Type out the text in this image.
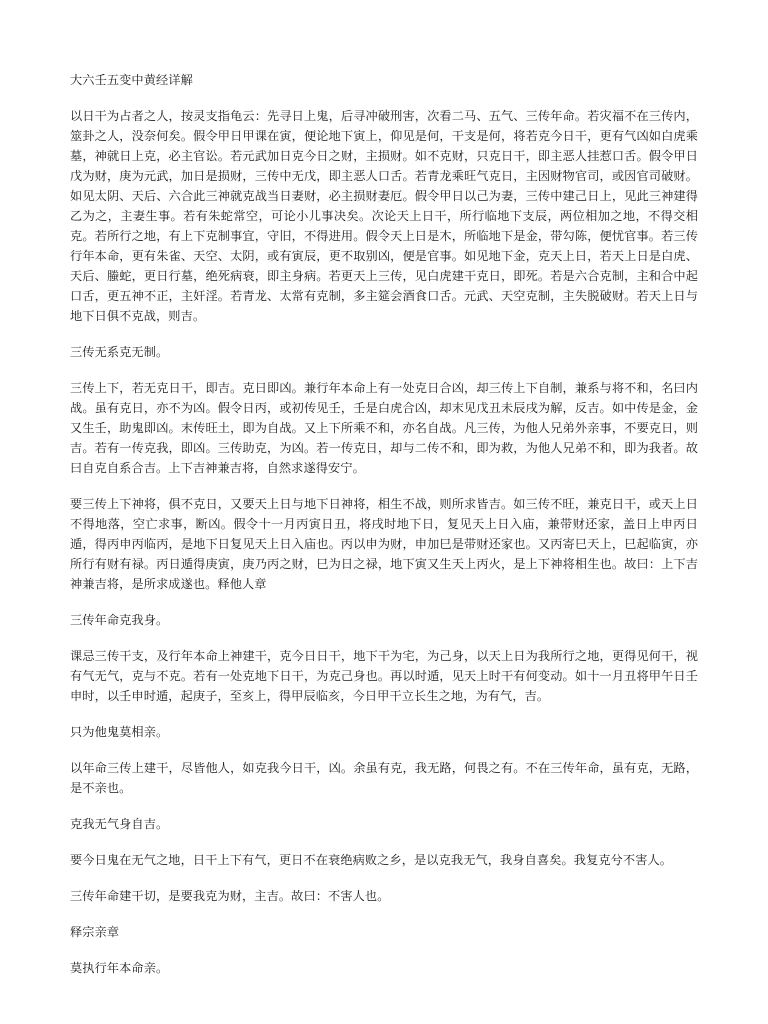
大六壬五变中黄经详解

以日干为占者之人，按灵支指龟云：先寻日上鬼，后寻冲破刑害，次看二马、五气、三传年命。若灾福不在三传内，筮卦之人，没奈何矣。假令甲日甲课在寅，便论地下寅上，仰见是何，干支是何，将若克今日干，更有气凶如白虎乘墓，神就日上克，必主官讼。若元武加日克今日之财，主损财。如不克财，只克日干，即主恶人挂惹口舌。假令甲日戊为财，庚为元武，加日是损财，三传中无戊，即主恶人口舌。若青龙乘旺气克日，主因财物官司，或因官司破财。如见太阴、天后、六合此三神就克战当日妻财，必主损财妻厄。假令甲日以己为妻，三传中建己日上，见此三神建得乙为之，主妻生事。若有朱蛇常空，可论小儿事决矣。次论天上日干，所行临地下支辰，两位相加之地，不得交相克。若所行之地，有上下克制事宜，守旧，不得进用。假令天上日是木，所临地下是金，带勾陈，便忧官事。若三传行年本命，更有朱雀、天空、太阴，或有寅辰，更不取别凶，便是官事。如见地下金，克天上日，若天上日是白虎、天后、螣蛇，更日行墓，绝死病衰，即主身病。若更天上三传，见白虎建干克日，即死。若是六合克制，主和合中起口舌，更五神不正，主奸淫。若青龙、太常有克制，多主筵会酒食口舌。元武、天空克制，主失脱破财。若天上日与地下日俱不克战，则吉。

三传无系克无制。

三传上下，若无克日干，即吉。克日即凶。兼行年本命上有一处克日合凶，却三传上下自制，兼系与将不和，名曰内战。虽有克日，亦不为凶。假令日丙，或初传见壬，壬是白虎合凶，却末见戊丑未辰戌为解，反吉。如中传是金，金又生壬，助鬼即凶。末传旺土，即为自战。又上下所乘不和，亦名自战。凡三传，为他人兄弟外亲事，不要克日，则吉。若有一传克我，即凶。三传助克，为凶。若一传克日，却与二传不和，即为救，为他人兄弟不和，即为我者。故曰自克自系合吉。上下吉神兼吉将，自然求遂得安宁。

要三传上下神将，俱不克日，又要天上日与地下日神将，相生不战，则所求皆吉。如三传不旺，兼克日干，或天上日不得地落，空亡求事，断凶。假令十一月丙寅日丑，将戌时地下日，复见天上日入庙，兼带财还家，盖日上申丙日遁，得丙申丙临丙，是地下日复见天上日入庙也。丙以申为财，申加巳是带财还家也。又丙寄巳天上，巳起临寅，亦所行有财有禄。丙日遁得庚寅，庚乃丙之财，巳为日之禄，地下寅又生天上丙火，是上下神将相生也。故曰：上下吉神兼吉将，是所求成遂也。释他人章

三传年命克我身。

课忌三传干支，及行年本命上神建干，克今日日干，地下干为宅，为己身，以天上日为我所行之地，更得见何干，视有气无气，克与不克。若有一处克地下日干，为克己身也。再以时遁，见天上时干有何变动。如十一月丑将甲午日壬申时，以壬申时遁，起庚子，至亥上，得甲辰临亥，今日甲干立长生之地，为有气，吉。

只为他鬼莫相亲。

以年命三传上建干，尽皆他人，如克我今日干，凶。余虽有克，我无路，何畏之有。不在三传年命，虽有克，无路，是不亲也。

克我无气身自吉。

要今日鬼在无气之地，日干上下有气，更日不在衰绝病败之乡，是以克我无气，我身自喜矣。我复克兮不害人。

三传年命建干切，是要我克为财，主吉。故曰：不害人也。

释宗亲章

莫执行年本命亲。
